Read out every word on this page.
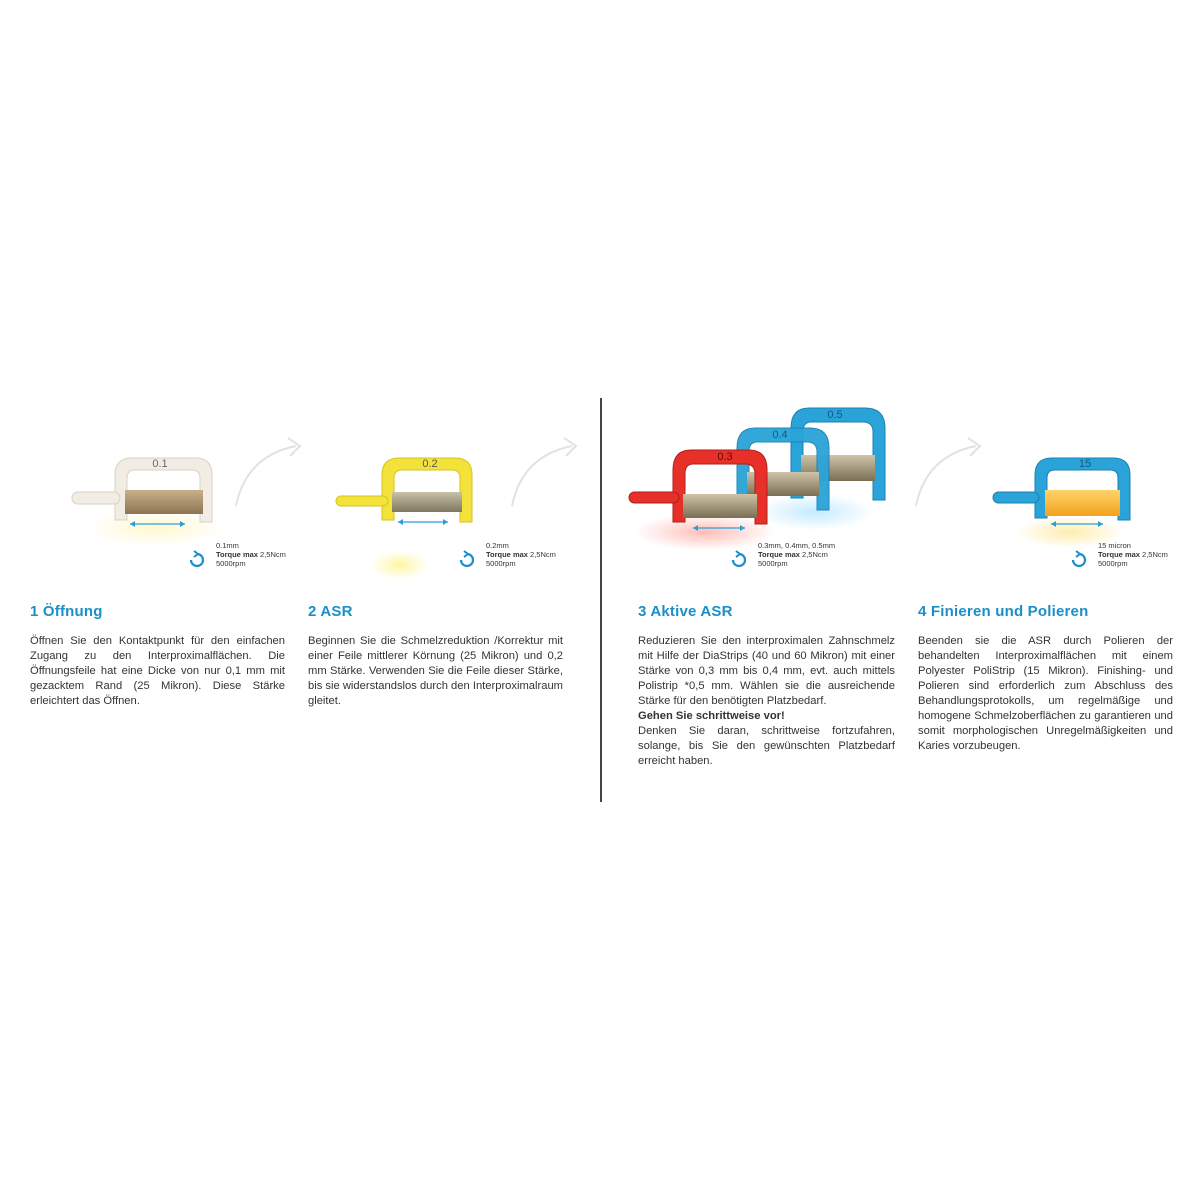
0.1
0.1mm
Torque max 2,5Ncm
5000rpm
1 Öffnung

Öffnen Sie den Kontaktpunkt für den einfachen Zugang zu den Interproximalflächen. Die Öffnungsfeile hat eine Dicke von nur 0,1 mm mit gezacktem Rand (25 Mikron). Diese Stärke erleichtert das Öffnen.

0.2
0.2mm
Torque max 2,5Ncm
5000rpm
2 ASR

Beginnen Sie die Schmelzreduktion /Korrektur mit einer Feile mittlerer Körnung (25 Mikron) und 0,2 mm Stärke. Verwenden Sie die Feile dieser Stärke, bis sie widerstandslos durch den Interproximalraum gleitet.

0.5
0.4
0.3
0.3mm, 0.4mm, 0.5mm
Torque max 2,5Ncm
5000rpm
3 Aktive ASR

Reduzieren Sie den interproximalen Zahnschmelz mit Hilfe der DiaStrips (40 und 60 Mikron) mit einer Stärke von 0,3 mm bis 0,4 mm, evt. auch mittels Polistrip *0,5 mm. Wählen sie die ausreichende Stärke für den benötigten Platzbedarf.

Gehen Sie schrittweise vor!

Denken Sie daran, schrittweise fortzufahren, solange, bis Sie den gewünschten Platzbedarf erreicht haben.

15
15 micron
Torque max 2,5Ncm
5000rpm
4 Finieren und Polieren

Beenden sie die ASR durch Polieren der behandelten Interproximalflächen mit einem Polyester PoliStrip (15 Mikron). Finishing- und Polieren sind erforderlich zum Abschluss des Behandlungsprotokolls, um regelmäßige und homogene Schmelzoberflächen zu garantieren und somit morphologischen Unregelmäßigkeiten und Karies vorzubeugen.
